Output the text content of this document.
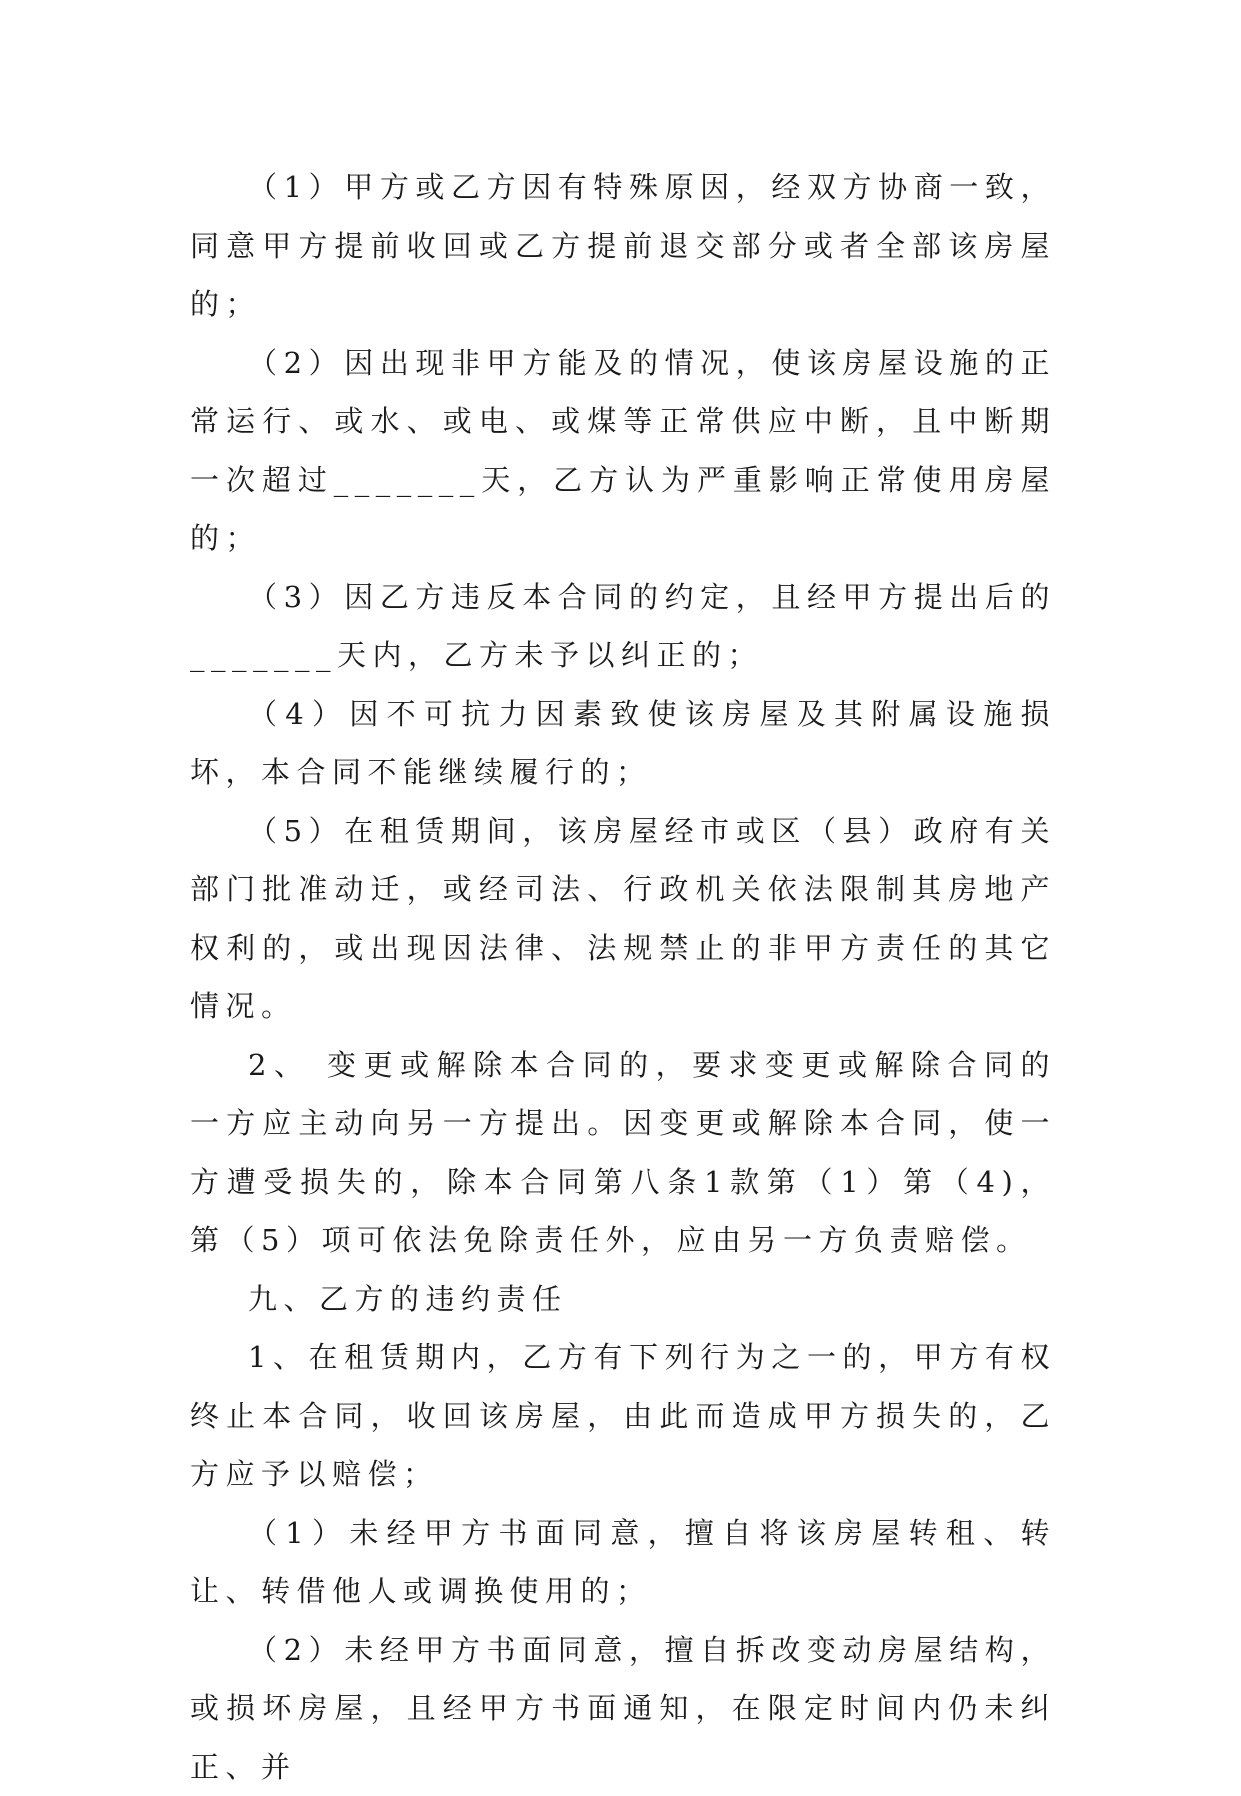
（1）甲方或乙方因有特殊原因，经双方协商一致，同意甲方提前收回或乙方提前退交部分或者全部该房屋的；

（2）因出现非甲方能及的情况，使该房屋设施的正常运行、或水、或电、或煤等正常供应中断，且中断期一次超过_______天，乙方认为严重影响正常使用房屋的；

（3）因乙方违反本合同的约定，且经甲方提出后的_______天内，乙方未予以纠正的；

（4）因不可抗力因素致使该房屋及其附属设施损坏，本合同不能继续履行的；

（5）在租赁期间，该房屋经市或区（县）政府有关部门批准动迁，或经司法、行政机关依法限制其房地产权利的，或出现因法律、法规禁止的非甲方责任的其它情况。

2、 变更或解除本合同的，要求变更或解除合同的一方应主动向另一方提出。因变更或解除本合同，使一方遭受损失的，除本合同第八条1款第（1）第（4)，第（5）项可依法免除责任外，应由另一方负责赔偿。

九、乙方的违约责任

1、在租赁期内，乙方有下列行为之一的，甲方有权终止本合同，收回该房屋，由此而造成甲方损失的，乙方应予以赔偿；

（1）未经甲方书面同意，擅自将该房屋转租、转让、转借他人或调换使用的；

（2）未经甲方书面同意，擅自拆改变动房屋结构，或损坏房屋，且经甲方书面通知，在限定时间内仍未纠正、并
